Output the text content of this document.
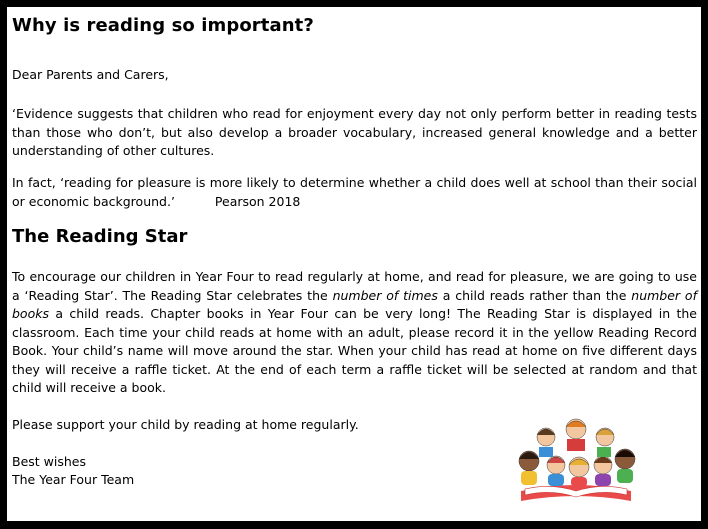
Why is reading so important?

Dear Parents and Carers,

‘Evidence suggests that children who read for enjoyment every day not only perform better in reading tests than those who don’t, but also develop a broader vocabulary, increased general knowledge and a better understanding of other cultures.

In fact, ‘reading for pleasure is more likely to determine whether a child does well at school than their social or economic background.’	Pearson 2018

The Reading Star

To encourage our children in Year Four to read regularly at home, and read for pleasure, we are going to use a ‘Reading Star’. The Reading Star celebrates the number of times a child reads rather than the number of books a child reads. Chapter books in Year Four can be very long! The Reading Star is displayed in the classroom. Each time your child reads at home with an adult, please record it in the yellow Reading Record Book. Your child’s name will move around the star. When your child has read at home on five different days they will receive a raffle ticket. At the end of each term a raffle ticket will be selected at random and that child will receive a book.

Please support your child by reading at home regularly.

Best wishes

The Year Four Team
